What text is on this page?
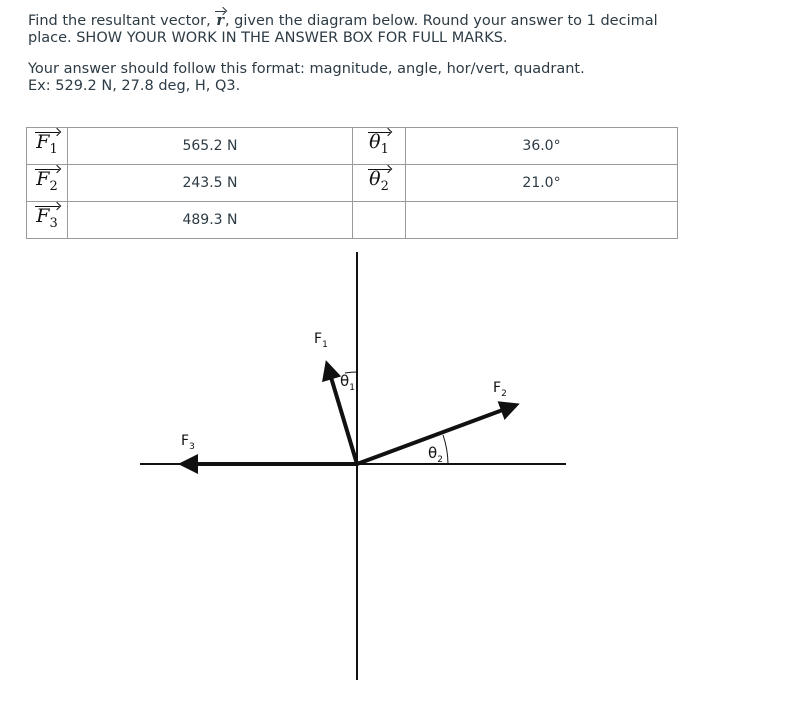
Find the resultant vector, r, given the diagram below. Round your answer to 1 decimal place. SHOW YOUR WORK IN THE ANSWER BOX FOR FULL MARKS.

Your answer should follow this format: magnitude, angle, hor/vert, quadrant.

Ex: 529.2 N, 27.8 deg, H, Q3.

$F_1$	565.2 N	$\theta_1$	36.0°
$F_2$	243.5 N	$\theta_2$	21.0°
$F_3$	489.3 N		
$F_1$
$F_2$
$F_3$
$\theta_1$
$\theta_2$
